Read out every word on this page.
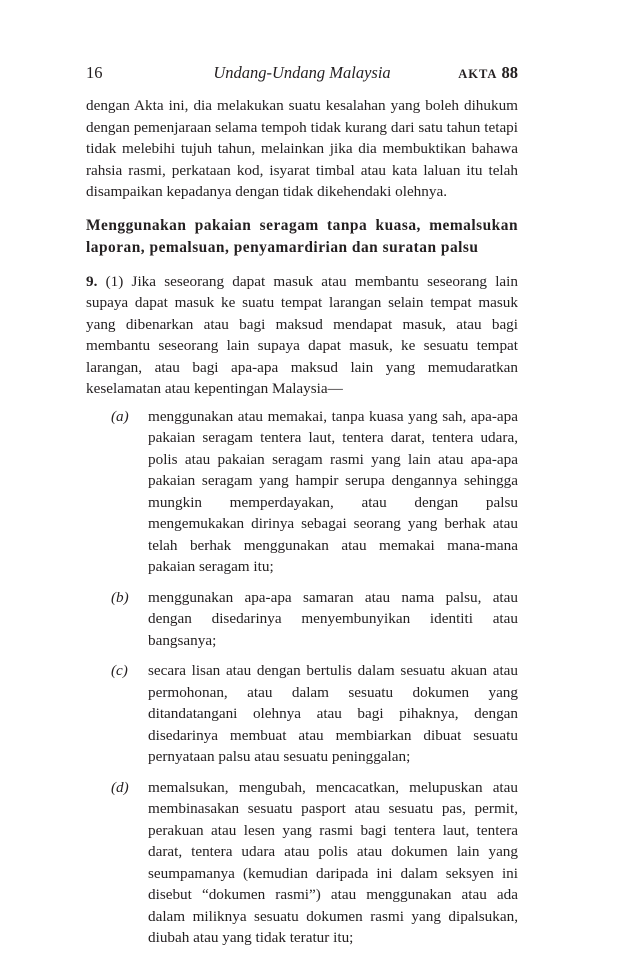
16	Undang-Undang Malaysia	AKTA 88

dengan Akta ini, dia melakukan suatu kesalahan yang boleh dihukum dengan pemenjaraan selama tempoh tidak kurang dari satu tahun tetapi tidak melebihi tujuh tahun, melainkan jika dia membuktikan bahawa rahsia rasmi, perkataan kod, isyarat timbal atau kata laluan itu telah disampaikan kepadanya dengan tidak dikehendaki olehnya.

Menggunakan pakaian seragam tanpa kuasa, memalsukan laporan, pemalsuan, penyamardirian dan suratan palsu

9. (1) Jika seseorang dapat masuk atau membantu seseorang lain supaya dapat masuk ke suatu tempat larangan selain tempat masuk yang dibenarkan atau bagi maksud mendapat masuk, atau bagi membantu seseorang lain supaya dapat masuk, ke sesuatu tempat larangan, atau bagi apa-apa maksud lain yang memudaratkan keselamatan atau kepentingan Malaysia—

(a) menggunakan atau memakai, tanpa kuasa yang sah, apa-apa pakaian seragam tentera laut, tentera darat, tentera udara, polis atau pakaian seragam rasmi yang lain atau apa-apa pakaian seragam yang hampir serupa dengannya sehingga mungkin memperdayakan, atau dengan palsu mengemukakan dirinya sebagai seorang yang berhak atau telah berhak menggunakan atau memakai mana-mana pakaian seragam itu;
(b) menggunakan apa-apa samaran atau nama palsu, atau dengan disedarinya menyembunyikan identiti atau bangsanya;
(c) secara lisan atau dengan bertulis dalam sesuatu akuan atau permohonan, atau dalam sesuatu dokumen yang ditandatangani olehnya atau bagi pihaknya, dengan disedarinya membuat atau membiarkan dibuat sesuatu pernyataan palsu atau sesuatu peninggalan;
(d) memalsukan, mengubah, mencacatkan, melupuskan atau membinasakan sesuatu pasport atau sesuatu pas, permit, perakuan atau lesen yang rasmi bagi tentera laut, tentera darat, tentera udara atau polis atau dokumen lain yang seumpamanya (kemudian daripada ini dalam seksyen ini disebut “dokumen rasmi”) atau menggunakan atau ada dalam miliknya sesuatu dokumen rasmi yang dipalsukan, diubah atau yang tidak teratur itu;
